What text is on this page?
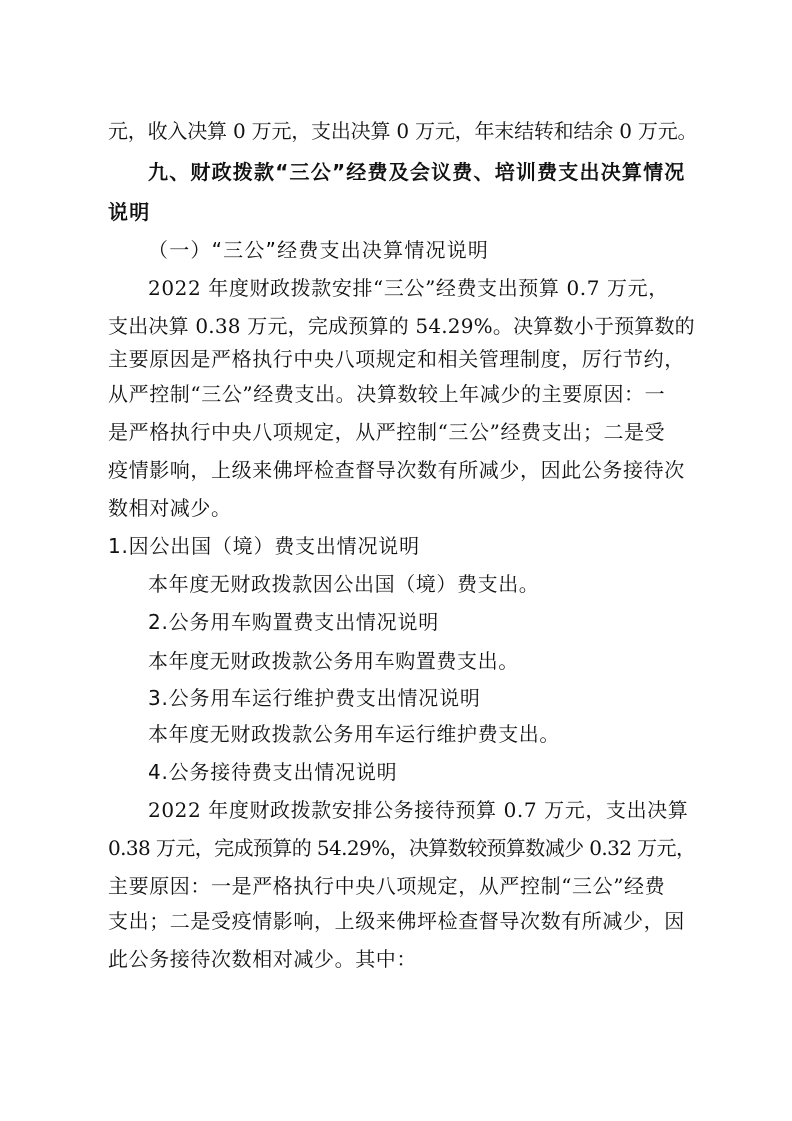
元，收入决算 0 万元，支出决算 0 万元，年末结转和结余 0 万元。
九、财政拨款“三公”经费及会议费、培训费支出决算情况
说明
（一）“三公”经费支出决算情况说明
2022 年度财政拨款安排“三公”经费支出预算 0.7 万元，
支出决算 0.38 万元，完成预算的 54.29%。决算数小于预算数的
主要原因是严格执行中央八项规定和相关管理制度，厉行节约，
从严控制“三公”经费支出。决算数较上年减少的主要原因：一
是严格执行中央八项规定，从严控制“三公”经费支出；二是受
疫情影响，上级来佛坪检查督导次数有所减少，因此公务接待次
数相对减少。
1.因公出国（境）费支出情况说明
本年度无财政拨款因公出国（境）费支出。
2.公务用车购置费支出情况说明
本年度无财政拨款公务用车购置费支出。
3.公务用车运行维护费支出情况说明
本年度无财政拨款公务用车运行维护费支出。
4.公务接待费支出情况说明
2022 年度财政拨款安排公务接待预算 0.7 万元，支出决算
0.38 万元，完成预算的 54.29%，决算数较预算数减少 0.32 万元，
主要原因：一是严格执行中央八项规定，从严控制“三公”经费
支出；二是受疫情影响，上级来佛坪检查督导次数有所减少，因
此公务接待次数相对减少。其中：
